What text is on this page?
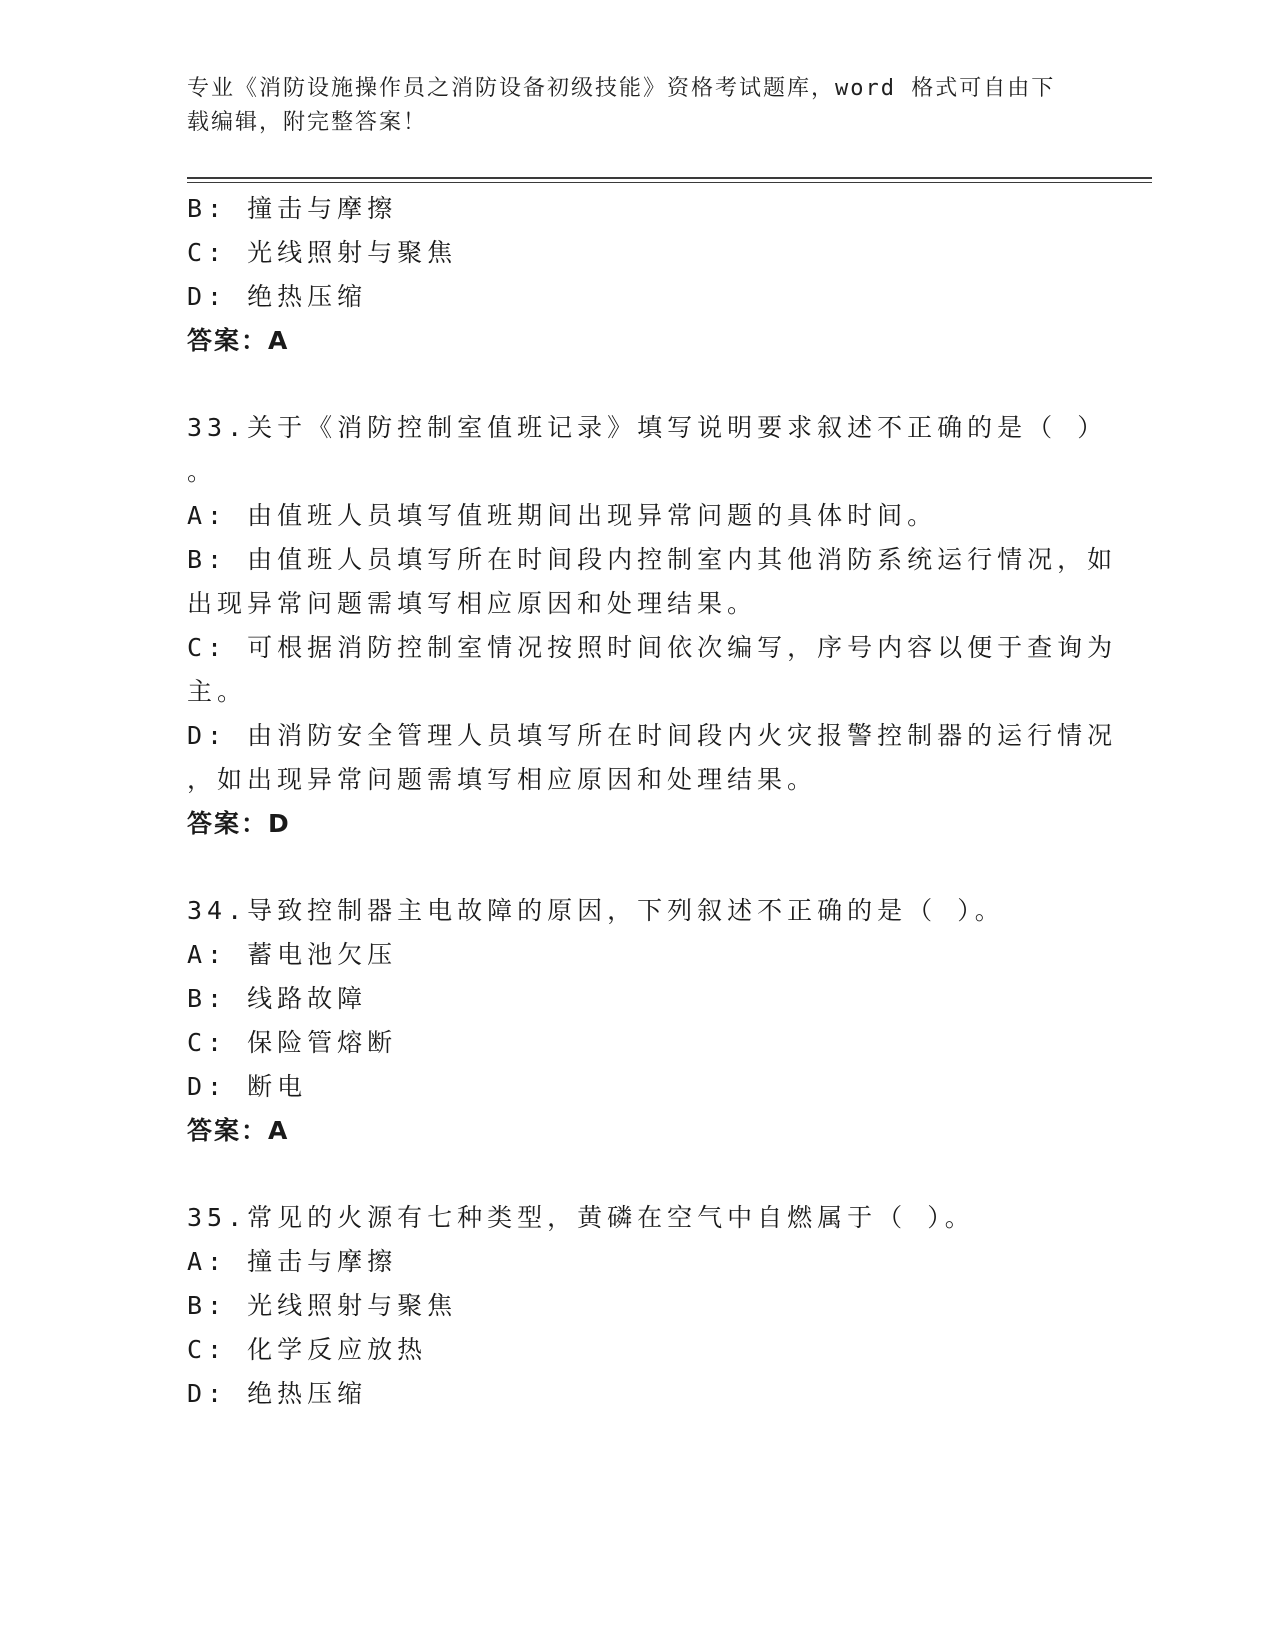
专业《消防设施操作员之消防设备初级技能》资格考试题库，word 格式可自由下
载编辑，附完整答案！
B: 撞击与摩擦
C: 光线照射与聚焦
D: 绝热压缩
答案：A
33.关于《消防控制室值班记录》填写说明要求叙述不正确的是（ ）
。
A: 由值班人员填写值班期间出现异常问题的具体时间。
B: 由值班人员填写所在时间段内控制室内其他消防系统运行情况，如
出现异常问题需填写相应原因和处理结果。
C: 可根据消防控制室情况按照时间依次编写，序号内容以便于查询为
主。
D: 由消防安全管理人员填写所在时间段内火灾报警控制器的运行情况
，如出现异常问题需填写相应原因和处理结果。
答案：D
34.导致控制器主电故障的原因，下列叙述不正确的是（ ）。
A: 蓄电池欠压
B: 线路故障
C: 保险管熔断
D: 断电
答案：A
35.常见的火源有七种类型，黄磷在空气中自燃属于（ ）。
A: 撞击与摩擦
B: 光线照射与聚焦
C: 化学反应放热
D: 绝热压缩
